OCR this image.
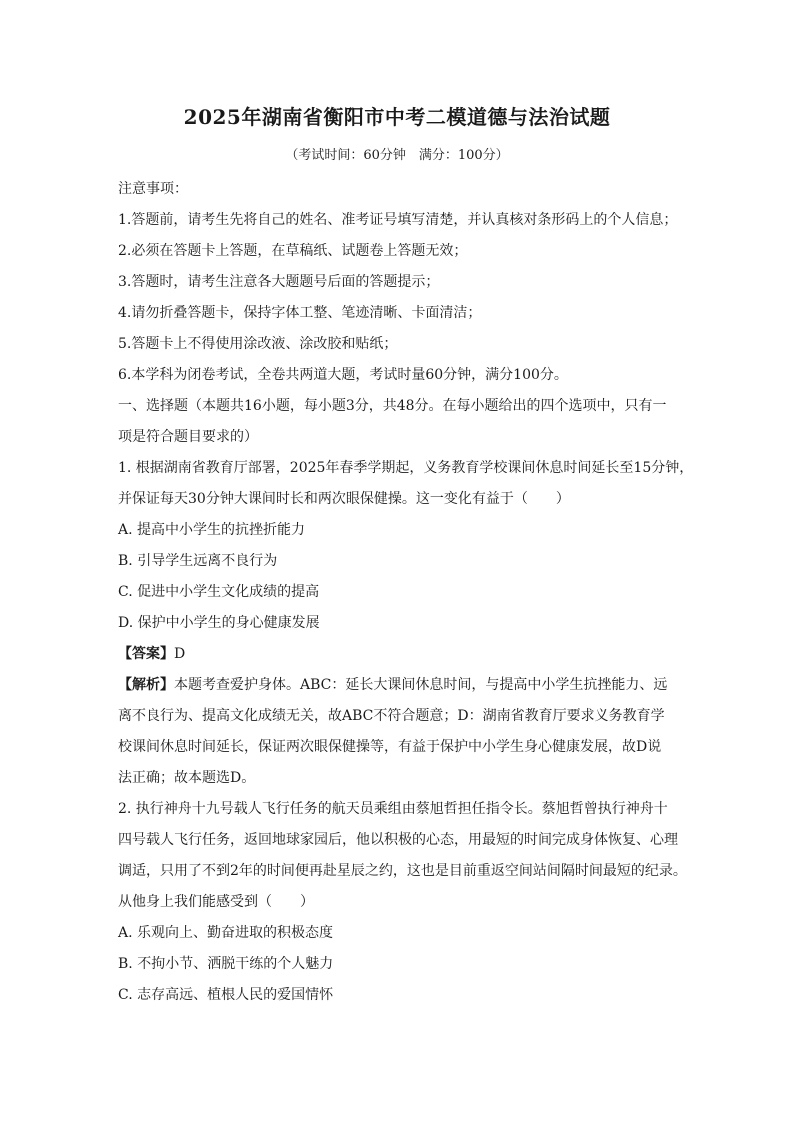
2025年湖南省衡阳市中考二模道德与法治试题
（考试时间：60分钟　满分：100分）
注意事项：
1.答题前，请考生先将自己的姓名、准考证号填写清楚，并认真核对条形码上的个人信息；
2.必须在答题卡上答题，在草稿纸、试题卷上答题无效；
3.答题时，请考生注意各大题题号后面的答题提示；
4.请勿折叠答题卡，保持字体工整、笔迹清晰、卡面清洁；
5.答题卡上不得使用涂改液、涂改胶和贴纸；
6.本学科为闭卷考试，全卷共两道大题，考试时量60分钟，满分100分。
一、选择题（本题共16小题，每小题3分，共48分。在每小题给出的四个选项中，只有一
项是符合题目要求的）
1. 根据湖南省教育厅部署，2025年春季学期起，义务教育学校课间休息时间延长至15分钟，
并保证每天30分钟大课间时长和两次眼保健操。这一变化有益于（　　）
A. 提高中小学生的抗挫折能力
B. 引导学生远离不良行为
C. 促进中小学生文化成绩的提高
D. 保护中小学生的身心健康发展
【答案】D
【解析】本题考查爱护身体。ABC：延长大课间休息时间，与提高中小学生抗挫能力、远
离不良行为、提高文化成绩无关，故ABC不符合题意；D：湖南省教育厅要求义务教育学
校课间休息时间延长，保证两次眼保健操等，有益于保护中小学生身心健康发展，故D说
法正确；故本题选D。
2. 执行神舟十九号载人飞行任务的航天员乘组由蔡旭哲担任指令长。蔡旭哲曾执行神舟十
四号载人飞行任务，返回地球家园后，他以积极的心态，用最短的时间完成身体恢复、心理
调适，只用了不到2年的时间便再赴星辰之约，这也是目前重返空间站间隔时间最短的纪录。
从他身上我们能感受到（　　）
A. 乐观向上、勤奋进取的积极态度
B. 不拘小节、洒脱干练的个人魅力
C. 志存高远、植根人民的爱国情怀
